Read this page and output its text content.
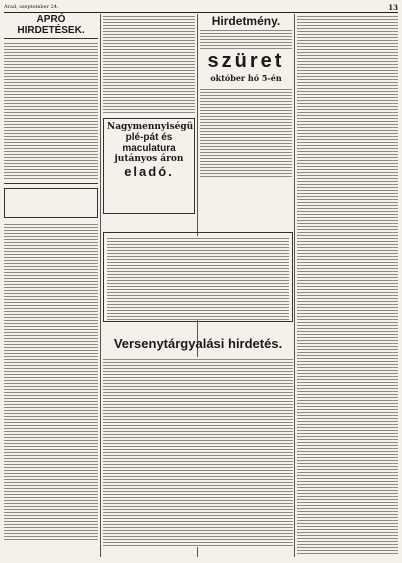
Arad, szeptember 24.	13
APRÓ HIRDETÉSEK.
Nagymennyiségü
plé-pát és maculatura
jutányos áron
eladó.
Hirdetmény.
szüret
október hó 5-én
Versenytárgyalási hirdetés.
